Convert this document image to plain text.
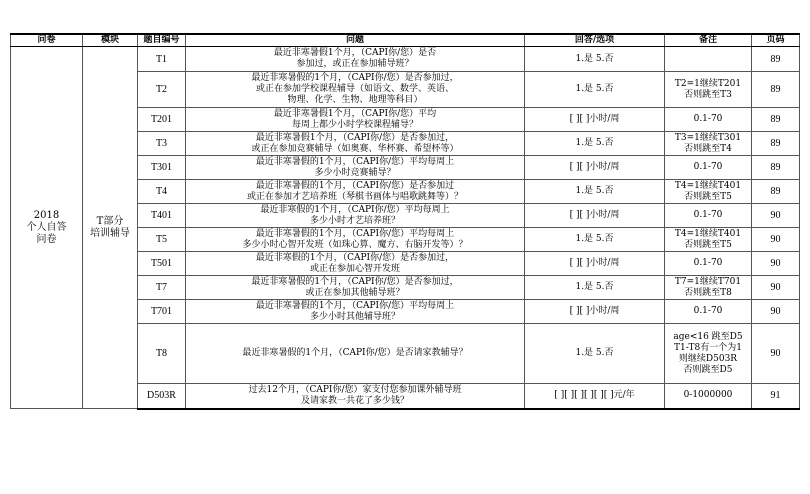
问卷	模块	题目编号	问题	回答/选项	备注	页码

2018
个人自答
问卷	T部分
培训辅导	T1	最近非寒暑假1个月，（CAPI你/您）是否
参加过，或正在参加辅导班？	1.是 5.否		89
		T2	最近非寒暑假的1个月，（CAPI你/您）是否参加过，
或正在参加学校课程辅导（如语文、数学、英语、
物理、化学、生物、地理等科目）	1.是 5.否	T2=1继续T201
否则跳至T3	89
		T201	最近非寒暑假1个月，（CAPI你/您）平均
每周上都少小时学校课程辅导？	[ ][ ]小时/周	0.1-70	89
		T3	最近非寒暑假1个月，（CAPI你/您）是否参加过，
或正在参加竞赛辅导（如奥赛、华杯赛、希望杯等）	1.是 5.否	T3=1继续T301
否则跳至T4	89
		T301	最近非寒暑假的1个月，（CAPI你/您）平均每周上
多少小时竞赛辅导？	[ ][ ]小时/周	0.1-70	89
		T4	最近非寒暑假的1个月，（CAPI你/您）是否参加过
或正在参加才艺培养班（琴棋书画体与唱歌跳舞等）？	1.是 5.否	T4=1继续T401
否则跳至T5	89
		T401	最近非寒假的1个月，（CAPI你/您）平均每周上
多少小时才艺培养班？	[ ][ ]小时/周	0.1-70	90
		T5	最近非寒暑假的1个月，（CAPI你/您）平均每周上
多少小时心智开发班（如珠心算、魔方、右脑开发等）？	1.是 5.否	T4=1继续T401
否则跳至T5	90
		T501	最近非寒假的1个月，（CAPI你/您）是否参加过，
或正在参加心智开发班	[ ][ ]小时/周	0.1-70	90
		T7	最近非寒暑假的1个月，（CAPI你/您）是否参加过，
或正在参加其他辅导班？	1.是 5.否	T7=1继续T701
否则跳至T8	90
		T701	最近非寒暑假的1个月，（CAPI你/您）平均每周上
多少小时其他辅导班？	[ ][ ]小时/周	0.1-70	90
		T8	最近非寒暑假的1个月，（CAPI你/您）是否请家教辅导？	1.是 5.否	age<16 跳至D5
T1-T8有一个为1
则继续D503R
否则跳至D5	90
		D503R	过去12个月，（CAPI你/您）家支付您参加课外辅导班
及请家教一共花了多少钱？	[ ][ ][ ][ ][ ][ ]元/年	0-1000000	91
